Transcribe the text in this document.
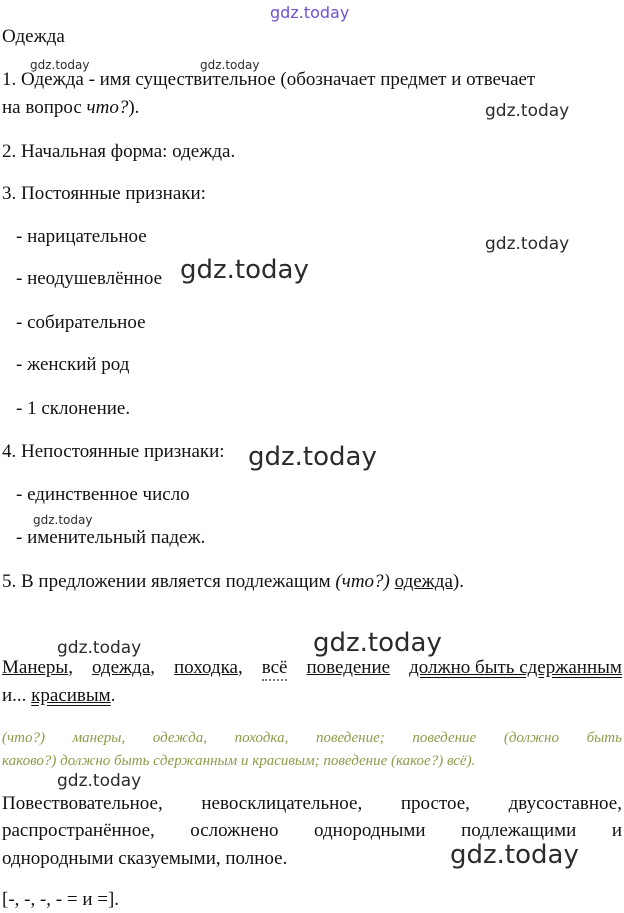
gdz.today
gdz.today	gdz.today
gdz.today
gdz.today
gdz.today
gdz.today
gdz.today
gdz.today	gdz.today
gdz.today
gdz.today
Одежда
1. Одежда - имя существительное (обозначает предмет и отвечает
на вопрос что?).
2. Начальная форма: одежда.
3. Постоянные признаки:
- нарицательное
- неодушевлённое
- собирательное
- женский род
- 1 склонение.
4. Непостоянные признаки:
- единственное число
- именительный падеж.
5. В предложении является подлежащим (что?) одежда).
Манеры, одежда, походка, всё поведение должно быть сдержанным
и... красивым.
(что?) манеры, одежда, походка, поведение; поведение (должно быть
каково?) должно быть сдержанным и красивым; поведение (какое?) всё).
Повествовательное, невосклицательное, простое, двусоставное,
распространённое, осложнено однородными подлежащими и
однородными сказуемыми, полное.
[-, -, -, - = и =].
